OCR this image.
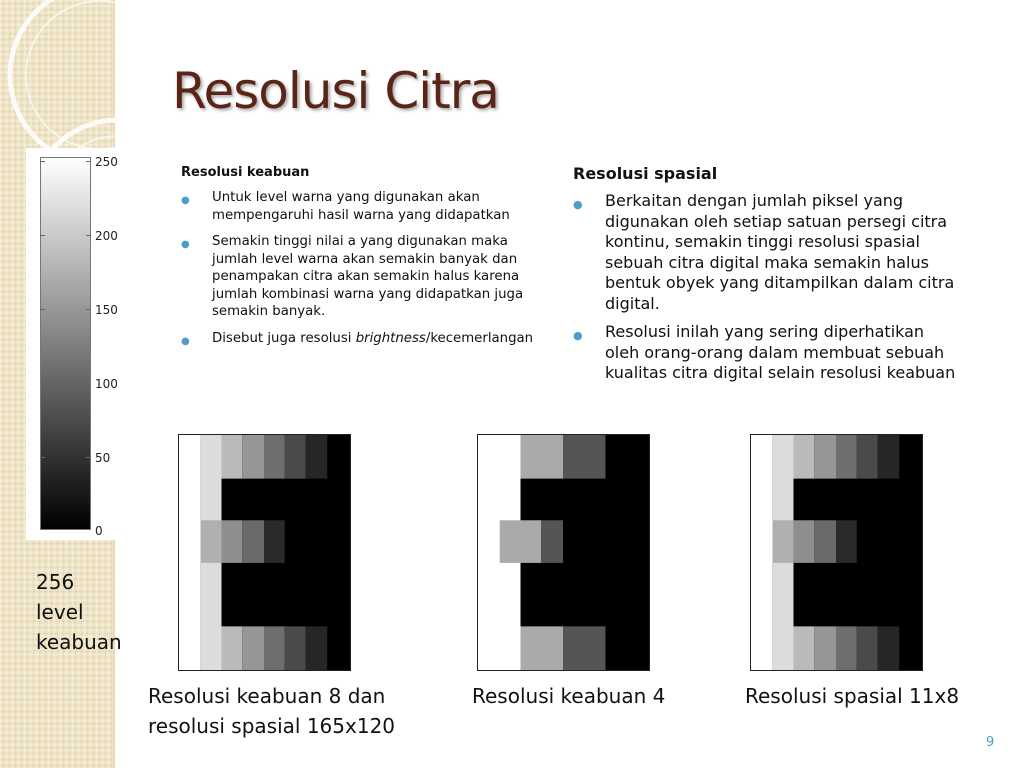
Resolusi Citra
250
200
150
100
50
0
256 level keabuan
Resolusi keabuan
● Untuk level warna yang digunakan akan mempengaruhi hasil warna yang didapatkan
● Semakin tinggi nilai a yang digunakan maka jumlah level warna akan semakin banyak dan penampakan citra akan semakin halus karena jumlah kombinasi warna yang didapatkan juga semakin banyak.
● Disebut juga resolusi brightness/kecemerlangan
Resolusi spasial
● Berkaitan dengan jumlah piksel yang digunakan oleh setiap satuan persegi citra kontinu, semakin tinggi resolusi spasial sebuah citra digital maka semakin halus bentuk obyek yang ditampilkan dalam citra digital.
● Resolusi inilah yang sering diperhatikan oleh orang-orang dalam membuat sebuah kualitas citra digital selain resolusi keabuan
Resolusi keabuan 8 dan resolusi spasial 165x120
Resolusi keabuan 4	Resolusi spasial 11x8
9
